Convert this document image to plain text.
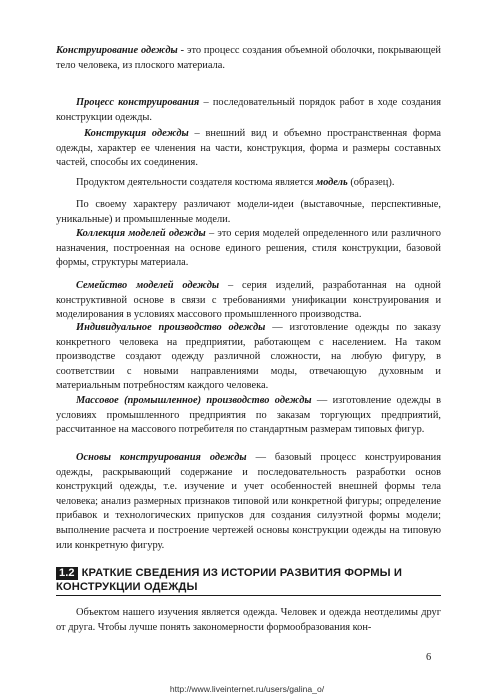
Конструирование одежды - это процесс создания объемной оболочки, покрывающей тело человека, из плоского материала.

Процесс конструирования – последовательный порядок работ в ходе создания конструкции одежды.

Конструкция одежды – внешний вид и объемно пространственная форма одежды, характер ее членения на части, конструкция, форма и размеры составных частей, способы их соединения.

Продуктом деятельности создателя костюма является модель (образец).

По своему характеру различают модели-идеи (выставочные, перспективные, уникальные) и промышленные модели.

Коллекция моделей одежды – это серия моделей определенного или различного назначения, построенная на основе единого решения, стиля конструкции, базовой формы, структуры материала.

Семейство моделей одежды – серия изделий, разработанная на одной конструктивной основе в связи с требованиями унификации конструирования и моделирования в условиях массового промышленного производства.

Индивидуальное производство одежды — изготовление одежды по заказу конкретного человека на предприятии, работающем с населением. На таком производстве создают одежду различной сложности, на любую фигуру, в соответствии с новыми направлениями моды, отвечающую духовным и материальным потребностям каждого человека.

Массовое (промышленное) производство одежды — изготовление одежды в условиях промышленного предприятия по заказам торгующих предприятий, рассчитанное на массового потребителя по стандартным размерам типовых фигур.

Основы конструирования одежды — базовый процесс конструирования одежды, раскрывающий содержание и последовательность разработки основ конструкций одежды, т.е. изучение и учет особенностей внешней формы тела человека; анализ размерных признаков типовой или конкретной фигуры; определение прибавок и технологических припусков для создания силуэтной формы модели; выполнение расчета и построение чертежей основы конструкции одежды на типовую или конкретную фигуру.

1.2 КРАТКИЕ СВЕДЕНИЯ ИЗ ИСТОРИИ РАЗВИТИЯ ФОРМЫ И КОНСТРУКЦИИ ОДЕЖДЫ

Объектом нашего изучения является одежда. Человек и одежда неотделимы друг от друга. Чтобы лучше понять закономерности формообразования кон-

6
http://www.liveinternet.ru/users/galina_o/
